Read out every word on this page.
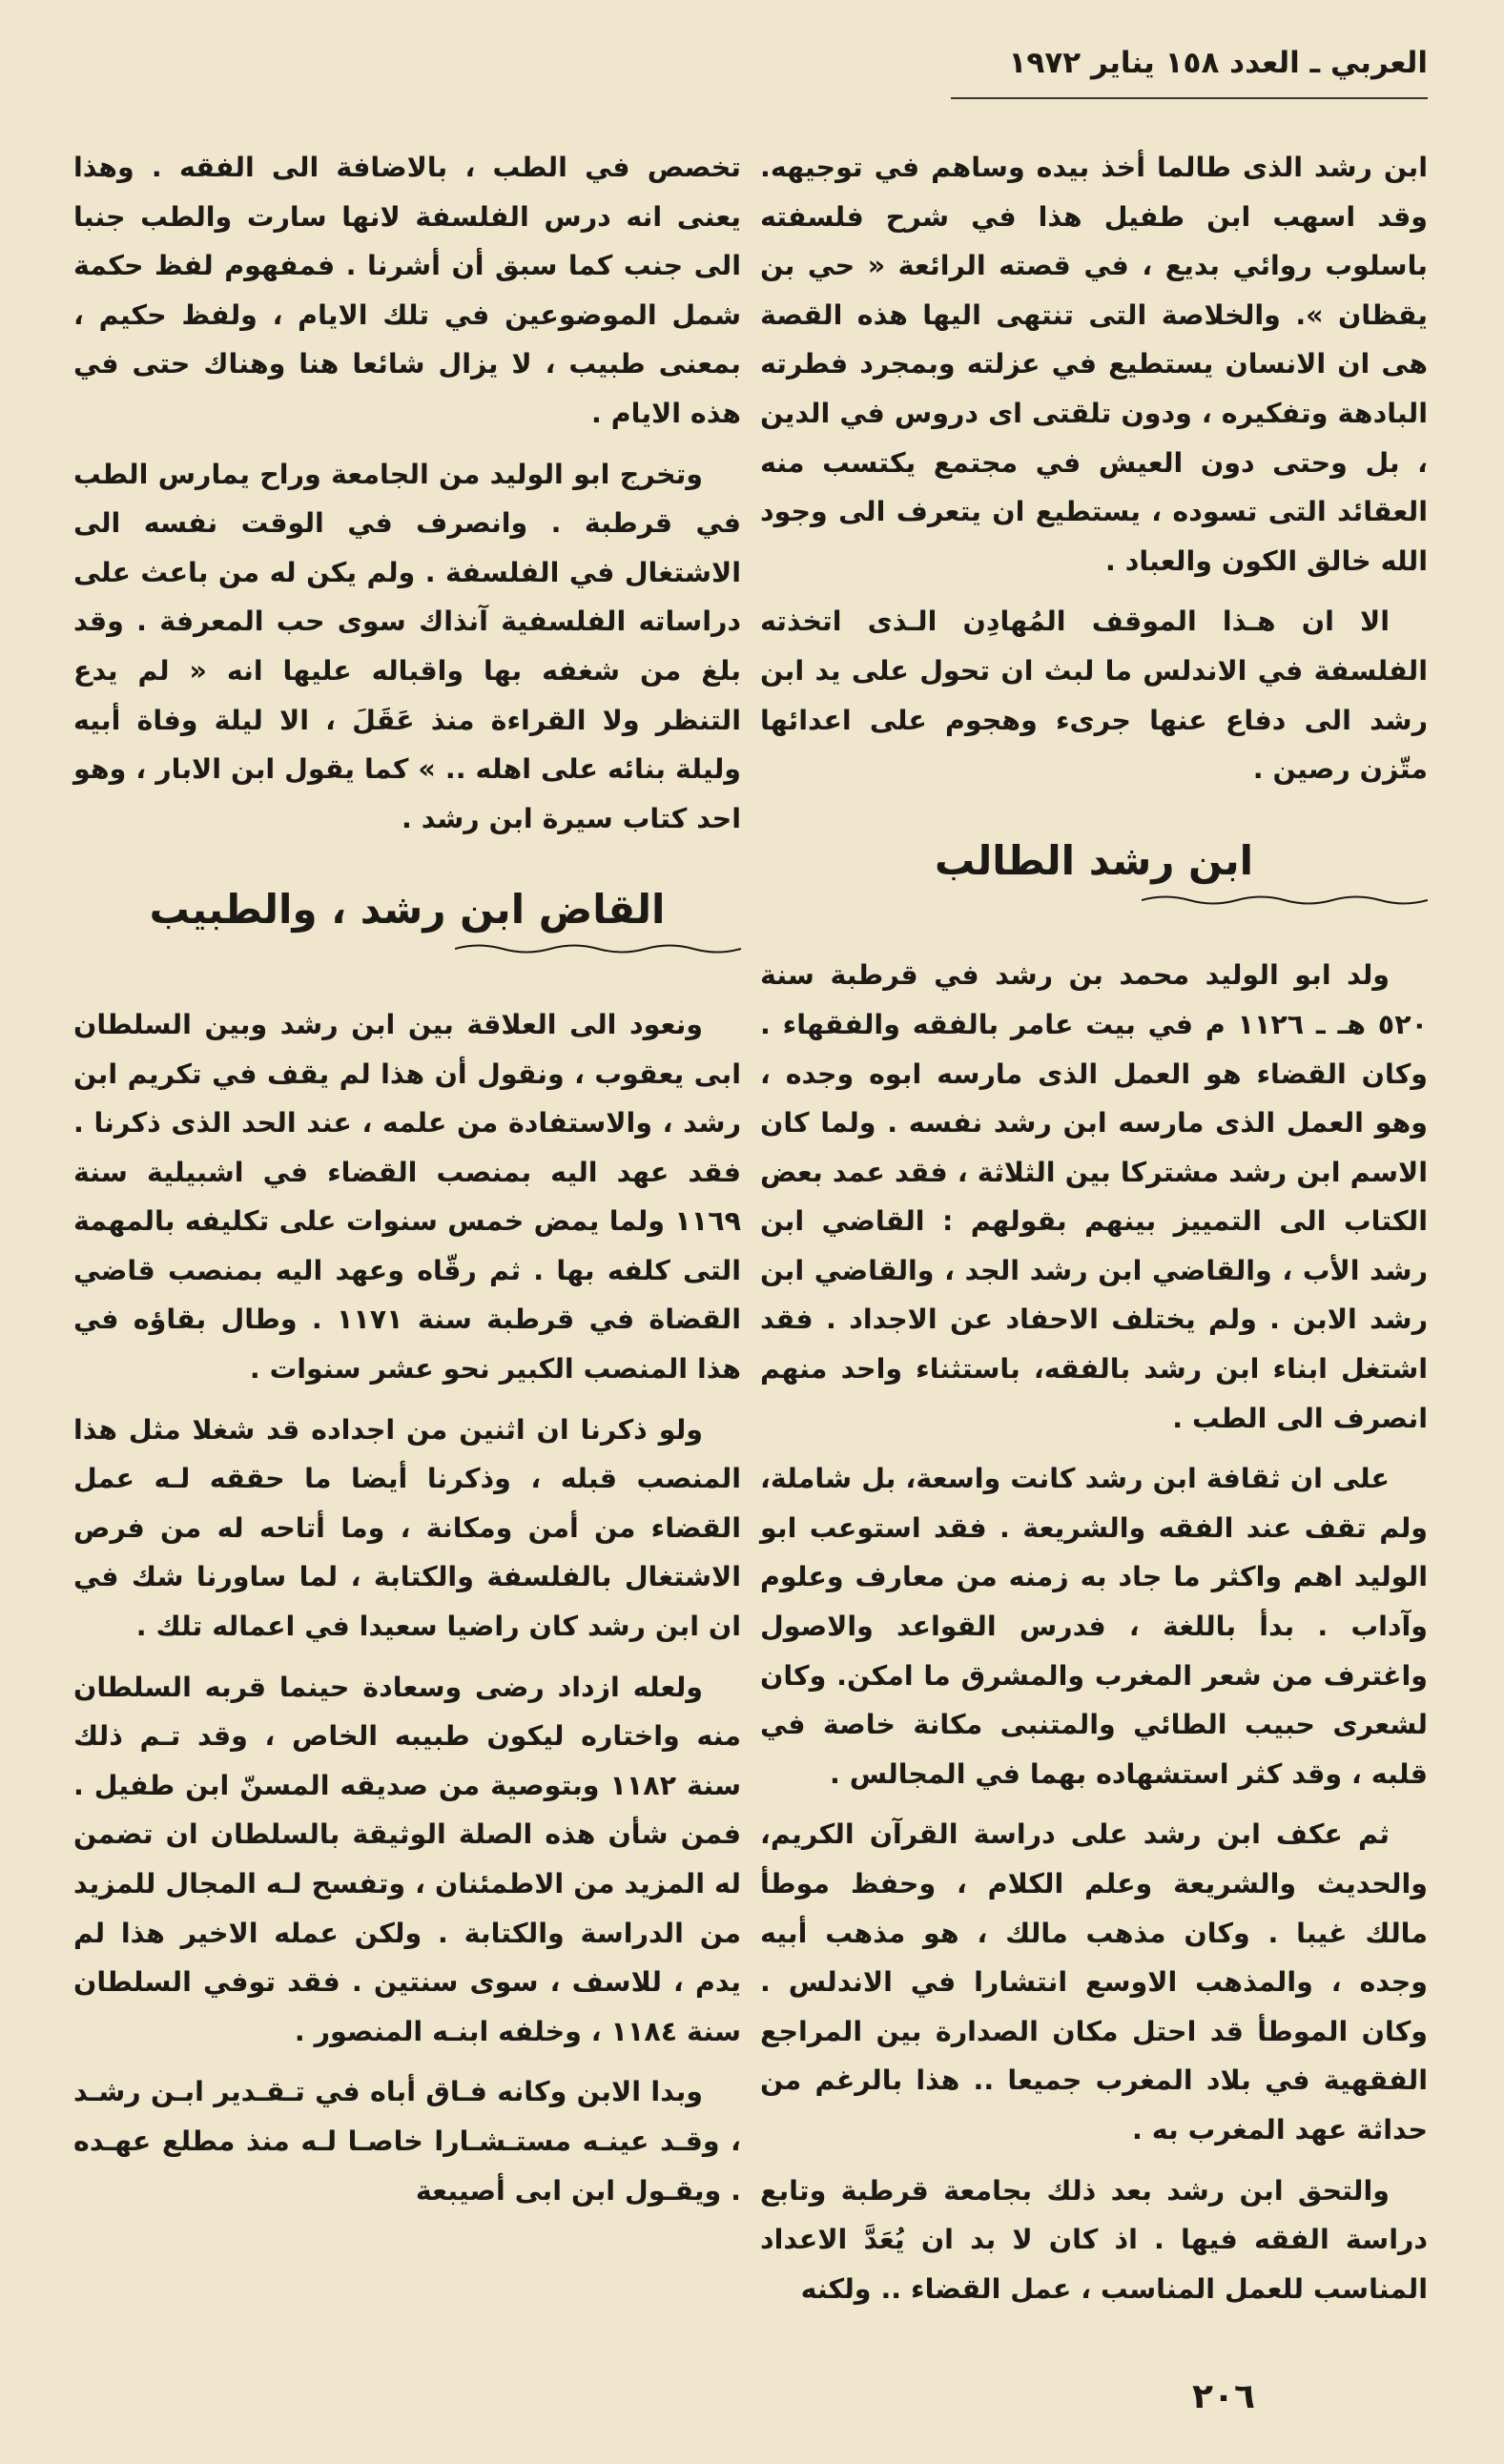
العربي ـ العدد ١٥٨ يناير ١٩٧٢

ابن رشد الذى طالما أخذ بيده وساهم في توجيهه. وقد اسهب ابن طفيل هذا في شرح فلسفته باسلوب روائي بديع ، في قصته الرائعة « حي بن يقظان ». والخلاصة التى تنتهى اليها هذه القصة هى ان الانسان يستطيع في عزلته وبمجرد فطرته البادهة وتفكيره ، ودون تلقتى اى دروس في الدين ، بل وحتى دون العيش في مجتمع يكتسب منه العقائد التى تسوده ، يستطيع ان يتعرف الى وجود الله خالق الكون والعباد .

الا ان هـذا الموقف المُهادِن الـذى اتخذته الفلسفة في الاندلس ما لبث ان تحول على يد ابن رشد الى دفاع عنها جرىء وهجوم على اعدائها متّزن رصين .

ابن رشد الطالب

ولد ابو الوليد محمد بن رشد في قرطبة سنة ٥٢٠ هـ ـ ١١٢٦ م في بيت عامر بالفقه والفقهاء . وكان القضاء هو العمل الذى مارسه ابوه وجده ، وهو العمل الذى مارسه ابن رشد نفسه . ولما كان الاسم ابن رشد مشتركا بين الثلاثة ، فقد عمد بعض الكتاب الى التمييز بينهم بقولهم : القاضي ابن رشد الأب ، والقاضي ابن رشد الجد ، والقاضي ابن رشد الابن . ولم يختلف الاحفاد عن الاجداد . فقد اشتغل ابناء ابن رشد بالفقه، باستثناء واحد منهم انصرف الى الطب .

على ان ثقافة ابن رشد كانت واسعة، بل شاملة، ولم تقف عند الفقه والشريعة . فقد استوعب ابو الوليد اهم واكثر ما جاد به زمنه من معارف وعلوم وآداب . بدأ باللغة ، فدرس القواعد والاصول واغترف من شعر المغرب والمشرق ما امكن. وكان لشعرى حبيب الطائي والمتنبى مكانة خاصة في قلبه ، وقد كثر استشهاده بهما في المجالس .

ثم عكف ابن رشد على دراسة القرآن الكريم، والحديث والشريعة وعلم الكلام ، وحفظ موطأ مالك غيبا . وكان مذهب مالك ، هو مذهب أبيه وجده ، والمذهب الاوسع انتشارا في الاندلس . وكان الموطأ قد احتل مكان الصدارة بين المراجع الفقهية في بلاد المغرب جميعا .. هذا بالرغم من حداثة عهد المغرب به .

والتحق ابن رشد بعد ذلك بجامعة قرطبة وتابع دراسة الفقه فيها . اذ كان لا بد ان يُعَدَّ الاعداد المناسب للعمل المناسب ، عمل القضاء .. ولكنه

تخصص في الطب ، بالاضافة الى الفقه . وهذا يعنى انه درس الفلسفة لانها سارت والطب جنبا الى جنب كما سبق أن أشرنا . فمفهوم لفظ حكمة شمل الموضوعين في تلك الايام ، ولفظ حكيم ، بمعنى طبيب ، لا يزال شائعا هنا وهناك حتى في هذه الايام .

وتخرج ابو الوليد من الجامعة وراح يمارس الطب في قرطبة . وانصرف في الوقت نفسه الى الاشتغال في الفلسفة . ولم يكن له من باعث على دراساته الفلسفية آنذاك سوى حب المعرفة . وقد بلغ من شغفه بها واقباله عليها انه « لم يدع التنظر ولا القراءة منذ عَقَلَ ، الا ليلة وفاة أبيه وليلة بنائه على اهله .. » كما يقول ابن الابار ، وهو احد كتاب سيرة ابن رشد .

القاض ابن رشد ، والطبيب

ونعود الى العلاقة بين ابن رشد وبين السلطان ابى يعقوب ، ونقول أن هذا لم يقف في تكريم ابن رشد ، والاستفادة من علمه ، عند الحد الذى ذكرنا . فقد عهد اليه بمنصب القضاء في اشبيلية سنة ١١٦٩ ولما يمض خمس سنوات على تكليفه بالمهمة التى كلفه بها . ثم رقّاه وعهد اليه بمنصب قاضي القضاة في قرطبة سنة ١١٧١ . وطال بقاؤه في هذا المنصب الكبير نحو عشر سنوات .

ولو ذكرنا ان اثنين من اجداده قد شغلا مثل هذا المنصب قبله ، وذكرنا أيضا ما حققه لـه عمل القضاء من أمن ومكانة ، وما أتاحه له من فرص الاشتغال بالفلسفة والكتابة ، لما ساورنا شك في ان ابن رشد كان راضيا سعيدا في اعماله تلك .

ولعله ازداد رضى وسعادة حينما قربه السلطان منه واختاره ليكون طبيبه الخاص ، وقد تـم ذلك سنة ١١٨٢ وبتوصية من صديقه المسنّ ابن طفيل . فمن شأن هذه الصلة الوثيقة بالسلطان ان تضمن له المزيد من الاطمئنان ، وتفسح لـه المجال للمزيد من الدراسة والكتابة . ولكن عمله الاخير هذا لم يدم ، للاسف ، سوى سنتين . فقد توفي السلطان سنة ١١٨٤ ، وخلفه ابنـه المنصور .

وبدا الابن وكانه فـاق أباه في تـقـدير ابـن رشـد ، وقـد عينـه مستـشـارا خاصـا لـه منذ مطلع عهـده . ويقـول ابن ابى أصيبعة

٢٠٦
